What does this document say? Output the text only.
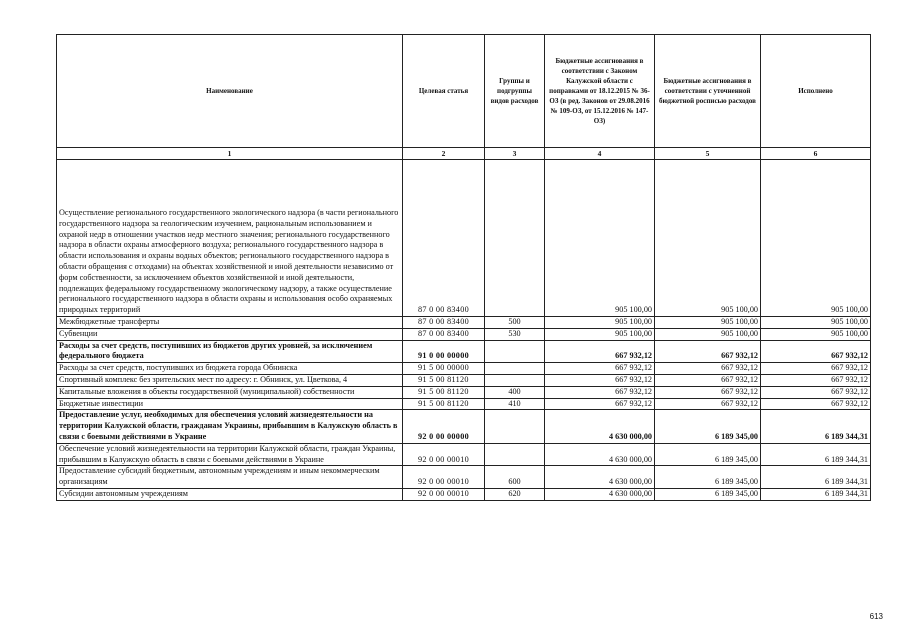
Наименование	Целевая статья	Группы и подгруппы видов расходов	Бюджетные ассигнования в соответствии с Законом Калужской области с поправками от 18.12.2015 № 36-ОЗ (в ред. Законов от 29.08.2016 № 109-ОЗ, от 15.12.2016 № 147-ОЗ)	Бюджетные ассигнования в соответствии с уточненной бюджетной росписью расходов	Исполнено
1	2	3	4	5	6
Осуществление регионального государственного экологического надзора (в части регионального государственного надзора за геологическим изучением, рациональным использованием и охраной недр в отношении участков недр местного значения; регионального государственного надзора в области охраны атмосферного воздуха; регионального государственного надзора в области использования и охраны водных объектов; регионального государственного надзора в области обращения с отходами) на объектах хозяйственной и иной деятельности независимо от форм собственности, за исключением объектов хозяйственной и иной деятельности, подлежащих федеральному государственному экологическому надзору, а также осуществление регионального государственного надзора в области охраны и использования особо охраняемых природных территорий	87 0 00 83400		905 100,00	905 100,00	905 100,00
Межбюджетные трансферты	87 0 00 83400	500	905 100,00	905 100,00	905 100,00
Субвенции	87 0 00 83400	530	905 100,00	905 100,00	905 100,00
Расходы за счет средств, поступивших из бюджетов других уровней, за исключением федерального бюджета	91 0 00 00000		667 932,12	667 932,12	667 932,12
Расходы за счет средств, поступивших из бюджета города Обнинска	91 5 00 00000		667 932,12	667 932,12	667 932,12
Спортивный комплекс без зрительских мест по адресу: г. Обнинск, ул. Цветкова, 4	91 5 00 81120		667 932,12	667 932,12	667 932,12
Капитальные вложения в объекты государственной (муниципальной) собственности	91 5 00 81120	400	667 932,12	667 932,12	667 932,12
Бюджетные инвестиции	91 5 00 81120	410	667 932,12	667 932,12	667 932,12
Предоставление услуг, необходимых для обеспечения условий жизнедеятельности на территории Калужской области, гражданам Украины, прибывшим в Калужскую область в связи с боевыми действиями в Украине	92 0 00 00000		4 630 000,00	6 189 345,00	6 189 344,31
Обеспечение условий жизнедеятельности на территории Калужской области, граждан Украины, прибывшим в Калужскую область в связи с боевыми действиями в Украине	92 0 00 00010		4 630 000,00	6 189 345,00	6 189 344,31
Предоставление субсидий бюджетным, автономным учреждениям и иным некоммерческим организациям	92 0 00 00010	600	4 630 000,00	6 189 345,00	6 189 344,31
Субсидии автономным учреждениям	92 0 00 00010	620	4 630 000,00	6 189 345,00	6 189 344,31
613
